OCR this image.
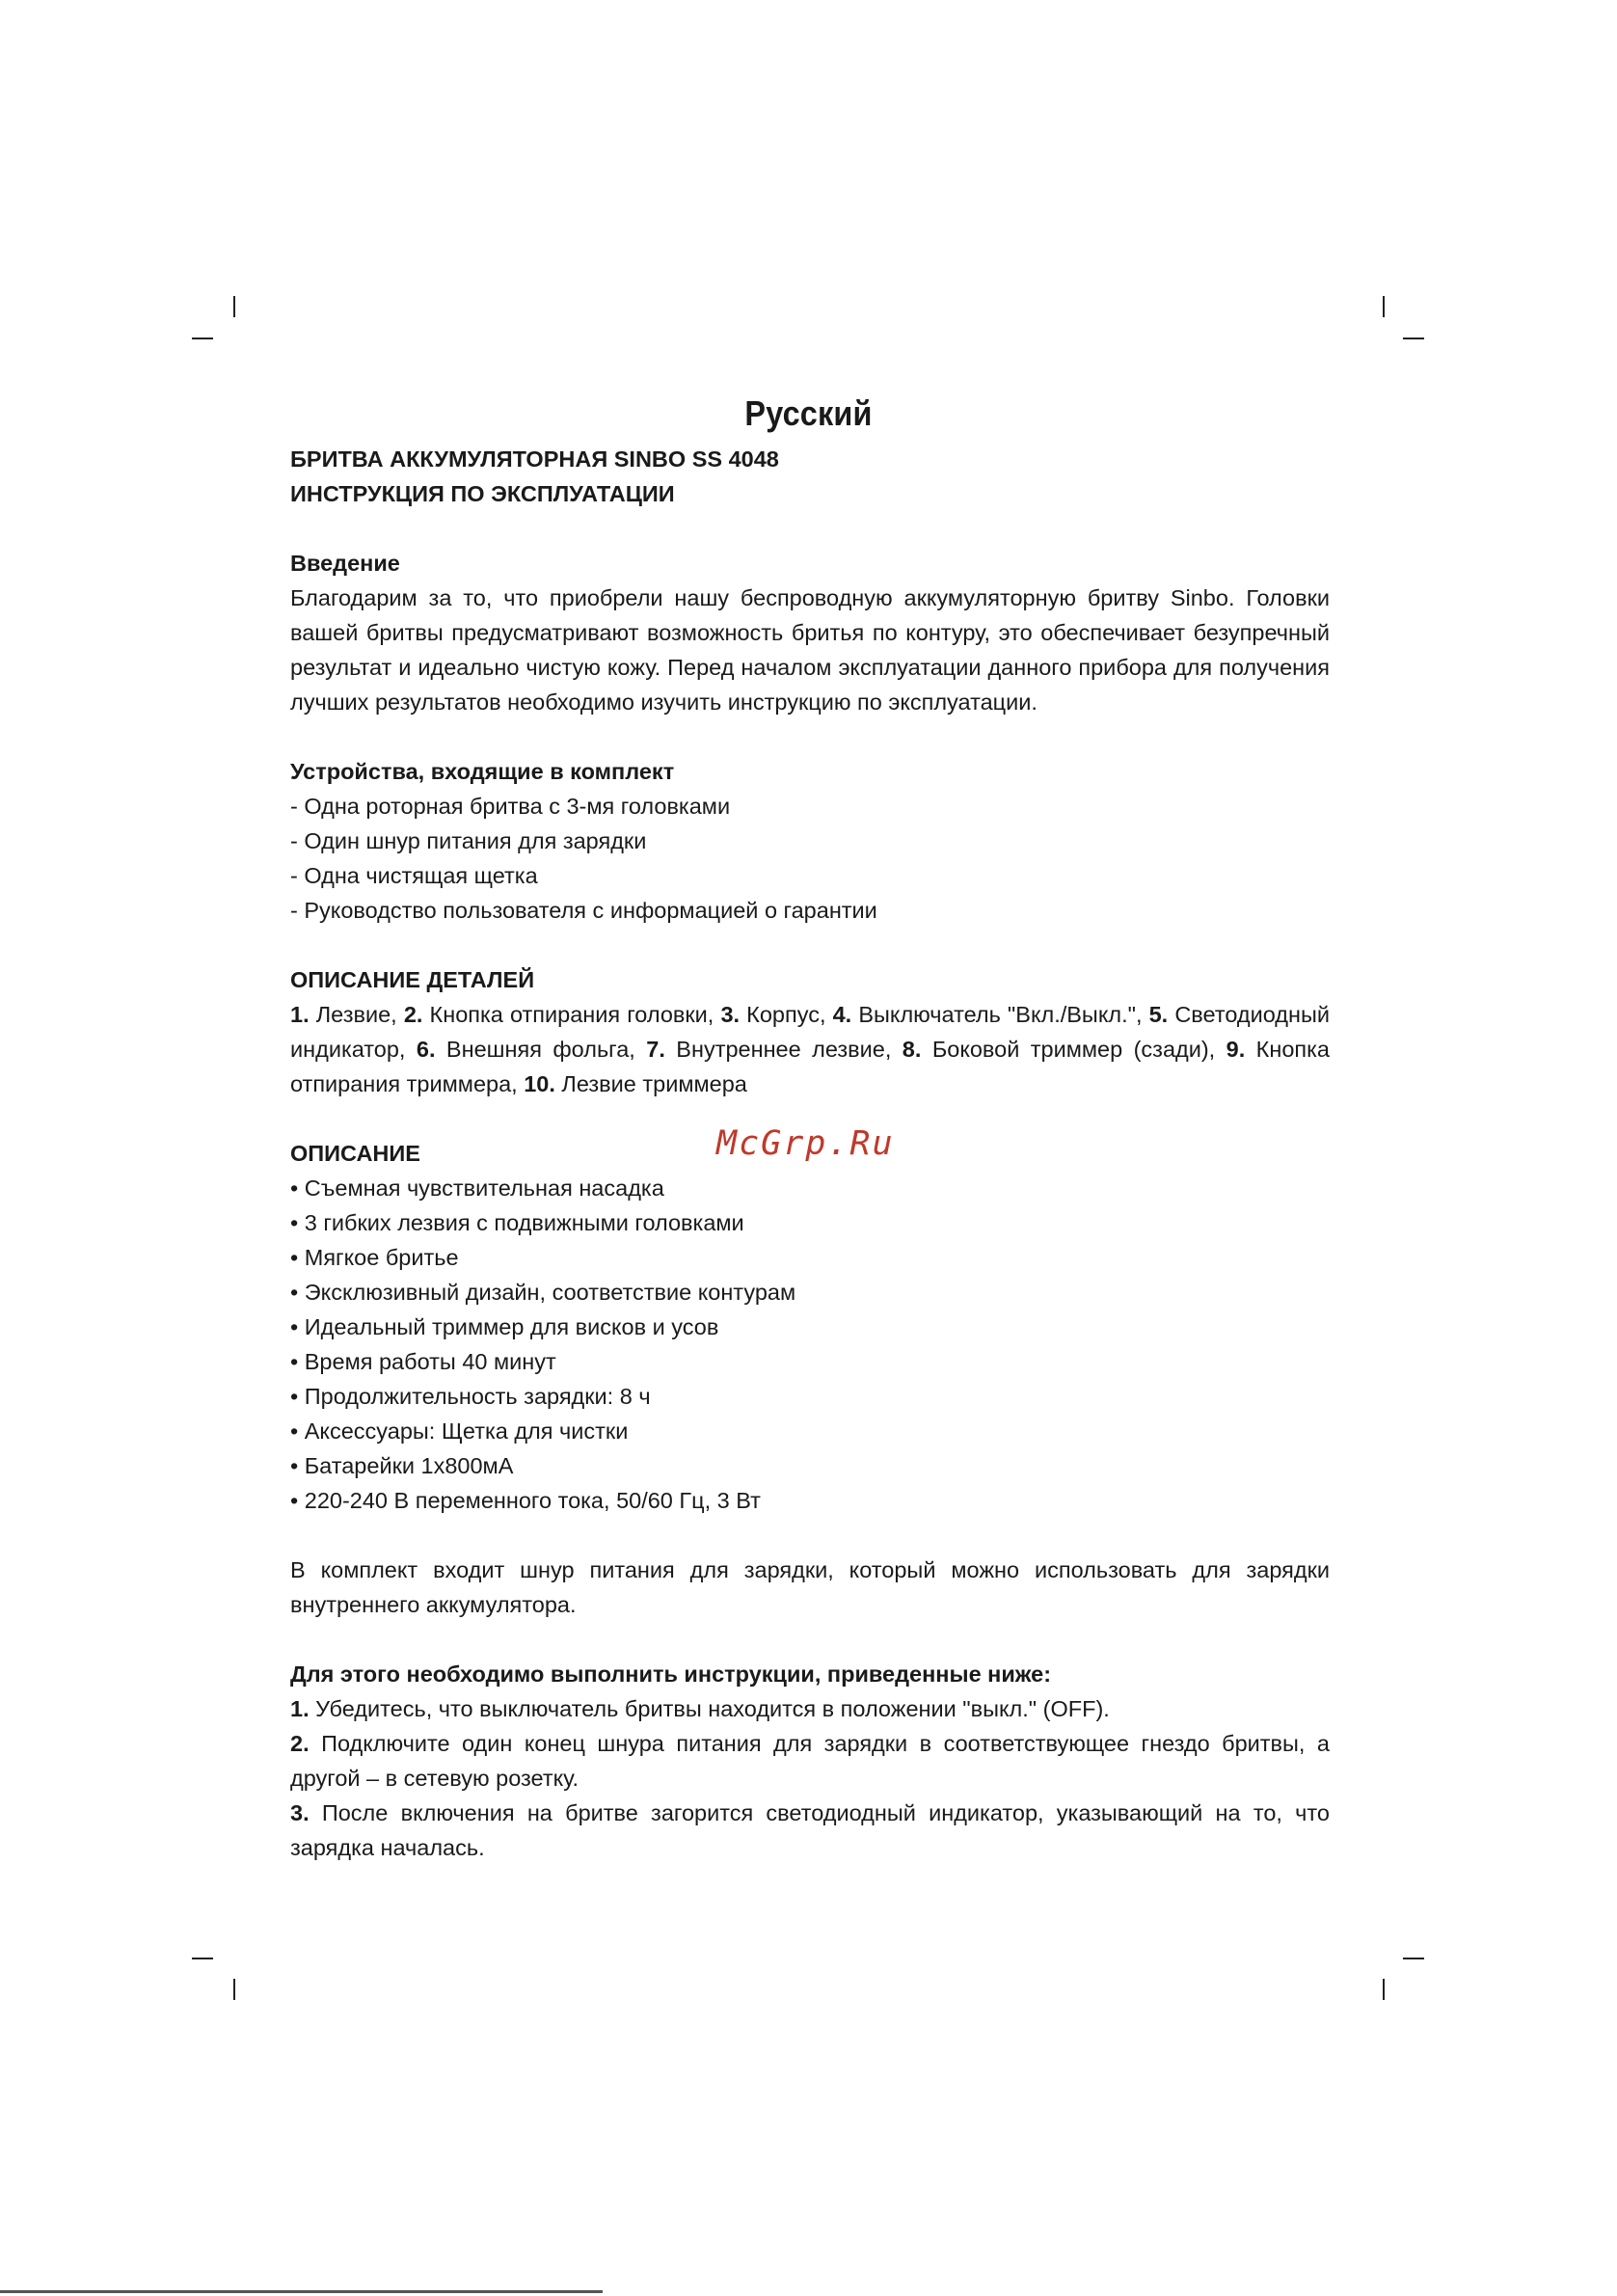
Русский
McGrp.Ru

БРИТВА АККУМУЛЯТОРНАЯ SINBO SS 4048

ИНСТРУКЦИЯ ПО ЭКСПЛУАТАЦИИ

Введение

Благодарим за то, что приобрели нашу беспроводную аккумуляторную бритву Sinbo. Головки вашей бритвы предусматривают возможность бритья по контуру, это обеспечивает безупречный результат и идеально чистую кожу. Перед началом эксплуатации данного прибора для получения лучших результатов необходимо изучить инструкцию по эксплуатации.

Устройства, входящие в комплект

- Одна роторная бритва с 3-мя головками

- Один шнур питания для зарядки

- Одна чистящая щетка

- Руководство пользователя с информацией о гарантии

ОПИСАНИЕ ДЕТАЛЕЙ

1. Лезвие, 2. Кнопка отпирания головки, 3. Корпус, 4. Выключатель "Вкл./Выкл.", 5. Светодиодный индикатор, 6. Внешняя фольга, 7. Внутреннее лезвие, 8. Боковой триммер (сзади), 9. Кнопка отпирания триммера, 10. Лезвие триммера

ОПИСАНИЕ

• Съемная чувствительная насадка

• 3 гибких лезвия с подвижными головками

• Мягкое бритье

• Эксклюзивный дизайн, соответствие контурам

• Идеальный триммер для висков и усов

• Время работы 40 минут

• Продолжительность зарядки: 8 ч

• Аксессуары: Щетка для чистки

• Батарейки 1x800мА

• 220-240 В переменного тока, 50/60 Гц, 3 Вт

В комплект входит шнур питания для зарядки, который можно использовать для зарядки внутреннего аккумулятора.

Для этого необходимо выполнить инструкции, приведенные ниже:

1. Убедитесь, что выключатель бритвы находится в положении "выкл." (OFF).

2. Подключите один конец шнура питания для зарядки в соответствующее гнездо бритвы, а другой – в сетевую розетку.

3. После включения на бритве загорится светодиодный индикатор, указывающий на то, что зарядка началась.
